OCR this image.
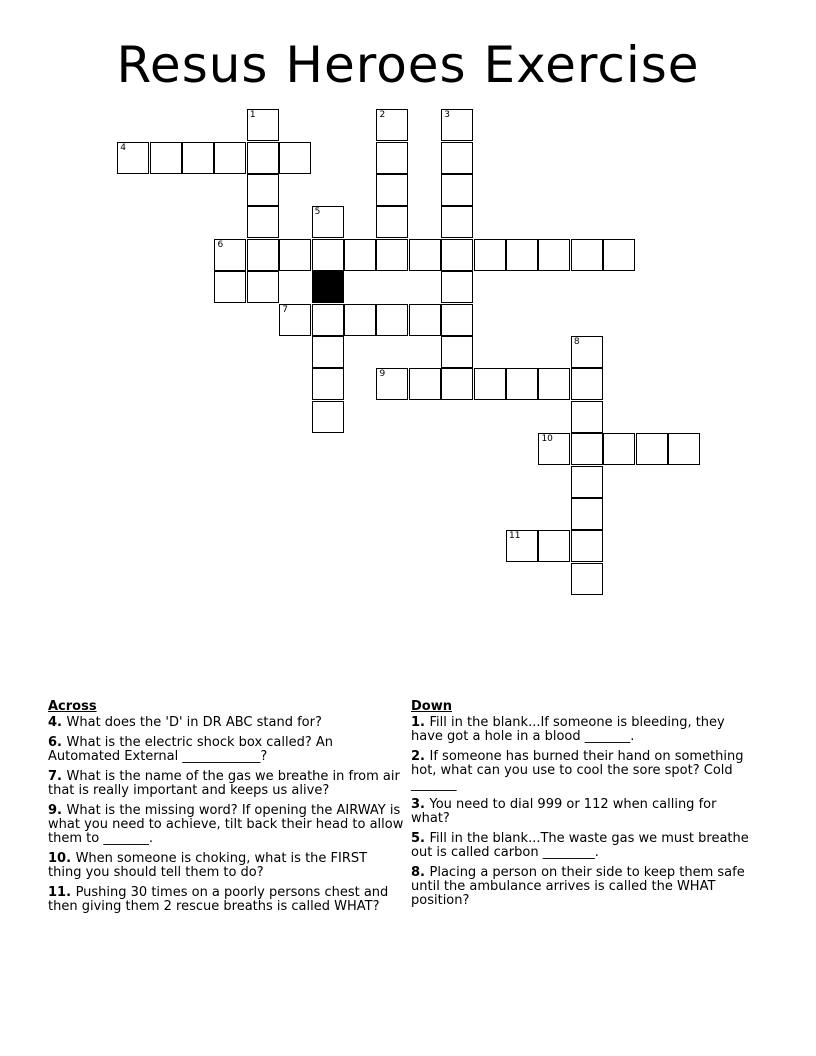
Resus Heroes Exercise
1	2	3
4
5
6
7
8
9
10
11
Across
4. What does the 'D' in DR ABC stand for?
6. What is the electric shock box called? An Automated External ____________?
7. What is the name of the gas we breathe in from air that is really important and keeps us alive?
9. What is the missing word? If opening the AIRWAY is what you need to achieve, tilt back their head to allow them to _______.
10. When someone is choking, what is the FIRST thing you should tell them to do?
11. Pushing 30 times on a poorly persons chest and then giving them 2 rescue breaths is called WHAT?
Down
1. Fill in the blank...If someone is bleeding, they have got a hole in a blood _______.
2. If someone has burned their hand on something hot, what can you use to cool the sore spot? Cold _______
3. You need to dial 999 or 112 when calling for what?
5. Fill in the blank...The waste gas we must breathe out is called carbon ________.
8. Placing a person on their side to keep them safe until the ambulance arrives is called the WHAT position?
